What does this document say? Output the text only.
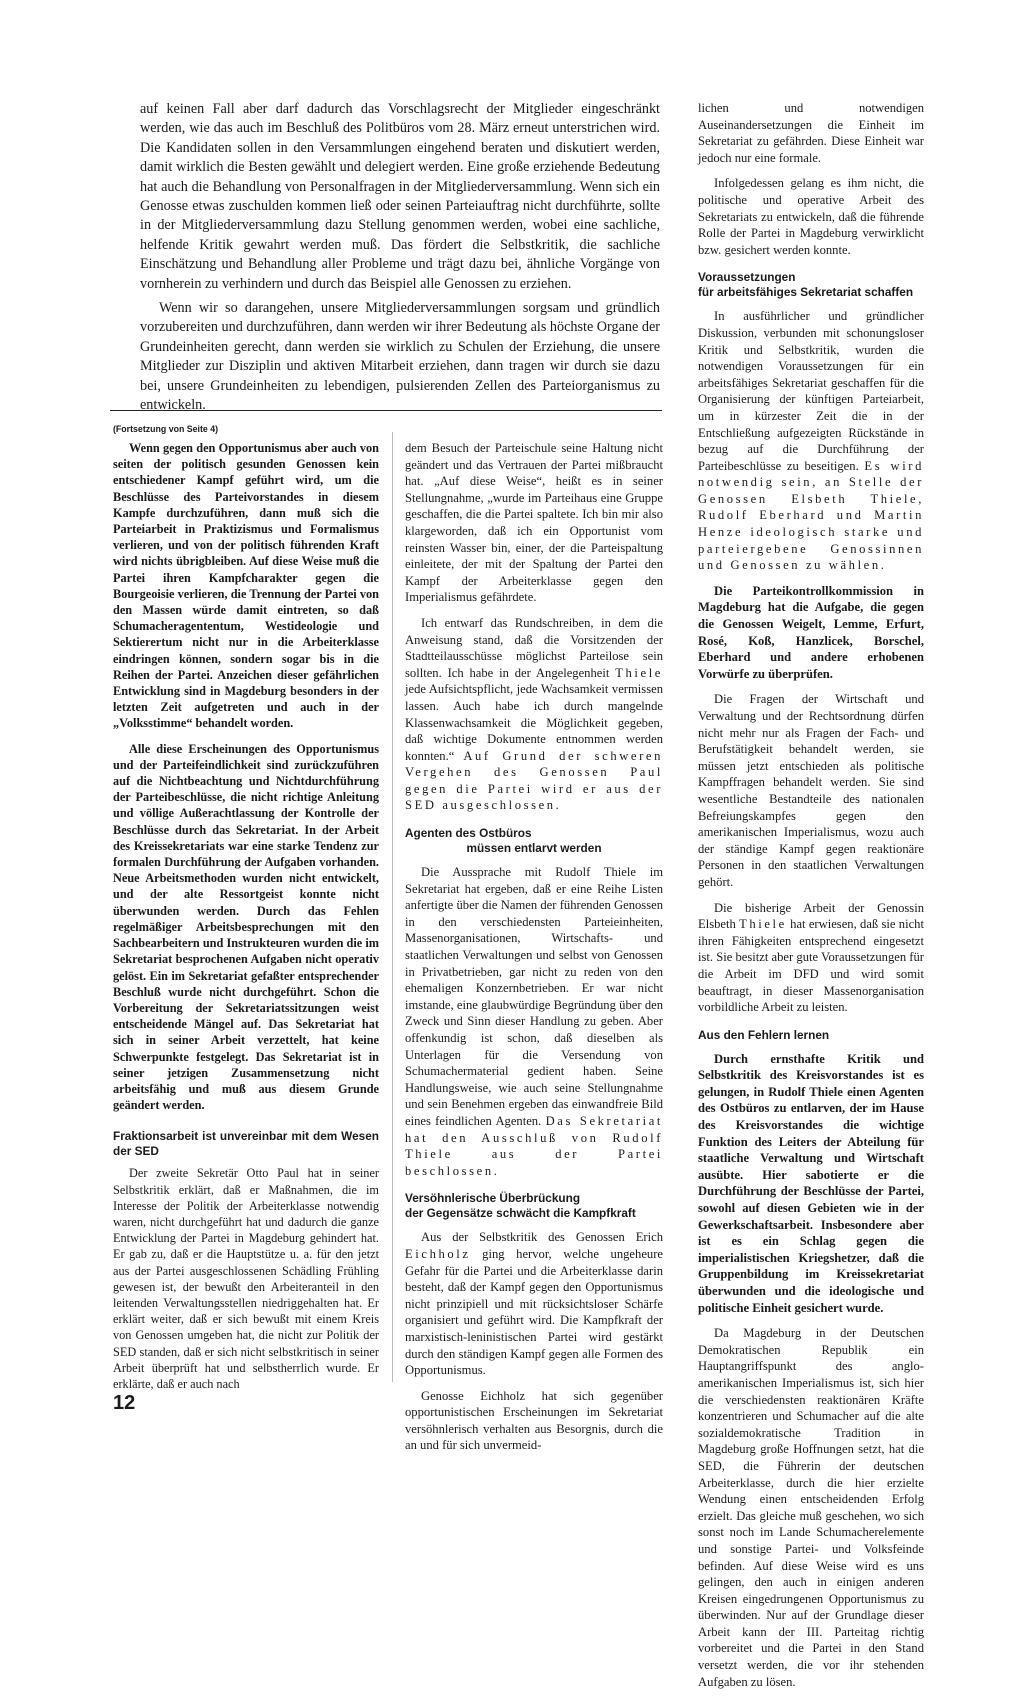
auf keinen Fall aber darf dadurch das Vorschlagsrecht der Mitglieder eingeschränkt werden, wie das auch im Beschluß des Politbüros vom 28. März erneut unterstrichen wird. Die Kandidaten sollen in den Versammlungen eingehend beraten und diskutiert werden, damit wirklich die Besten gewählt und delegiert werden. Eine große erziehende Bedeutung hat auch die Behandlung von Personalfragen in der Mitgliederversammlung. Wenn sich ein Genosse etwas zuschulden kommen ließ oder seinen Parteiauftrag nicht durchführte, sollte in der Mitgliederversammlung dazu Stellung genommen werden, wobei eine sachliche, helfende Kritik gewahrt werden muß. Das fördert die Selbstkritik, die sachliche Einschätzung und Behandlung aller Probleme und trägt dazu bei, ähnliche Vorgänge von vornherein zu verhindern und durch das Beispiel alle Genossen zu erziehen.

Wenn wir so darangehen, unsere Mitgliederversammlungen sorgsam und gründlich vorzubereiten und durchzuführen, dann werden wir ihrer Bedeutung als höchste Organe der Grundeinheiten gerecht, dann werden sie wirklich zu Schulen der Erziehung, die unsere Mitglieder zur Disziplin und aktiven Mitarbeit erziehen, dann tragen wir durch sie dazu bei, unsere Grundeinheiten zu lebendigen, pulsierenden Zellen des Parteiorganismus zu entwickeln.

lichen und notwendigen Auseinandersetzungen die Einheit im Sekretariat zu gefährden. Diese Einheit war jedoch nur eine formale.

Infolgedessen gelang es ihm nicht, die politische und operative Arbeit des Sekretariats zu entwickeln, daß die führende Rolle der Partei in Magdeburg verwirklicht bzw. gesichert werden konnte.

Voraussetzungen
für arbeitsfähiges Sekretariat schaffen

In ausführlicher und gründlicher Diskussion, verbunden mit schonungsloser Kritik und Selbstkritik, wurden die notwendigen Voraussetzungen für ein arbeitsfähiges Sekretariat geschaffen für die Organisierung der künftigen Parteiarbeit, um in kürzester Zeit die in der Entschließung aufgezeigten Rückstände in bezug auf die Durchführung der Parteibeschlüsse zu beseitigen. Es wird notwendig sein, an Stelle der Genossen Elsbeth Thiele, Rudolf Eberhard und Martin Henze ideologisch starke und parteiergebene Genossinnen und Genossen zu wählen.

Die Parteikontrollkommission in Magdeburg hat die Aufgabe, die gegen die Genossen Weigelt, Lemme, Erfurt, Rosé, Koß, Hanzlicek, Borschel, Eberhard und andere erhobenen Vorwürfe zu überprüfen.

Die Fragen der Wirtschaft und Verwaltung und der Rechtsordnung dürfen nicht mehr nur als Fragen der Fach- und Berufstätigkeit behandelt werden, sie müssen jetzt entschieden als politische Kampffragen behandelt werden. Sie sind wesentliche Bestandteile des nationalen Befreiungskampfes gegen den amerikanischen Imperialismus, wozu auch der ständige Kampf gegen reaktionäre Personen in den staatlichen Verwaltungen gehört.

Die bisherige Arbeit der Genossin Elsbeth Thiele hat erwiesen, daß sie nicht ihren Fähigkeiten entsprechend eingesetzt ist. Sie besitzt aber gute Voraussetzungen für die Arbeit im DFD und wird somit beauftragt, in dieser Massenorganisation vorbildliche Arbeit zu leisten.

Aus den Fehlern lernen

Durch ernsthafte Kritik und Selbstkritik des Kreisvorstandes ist es gelungen, in Rudolf Thiele einen Agenten des Ostbüros zu entlarven, der im Hause des Kreisvorstandes die wichtige Funktion des Leiters der Abteilung für staatliche Verwaltung und Wirtschaft ausübte. Hier sabotierte er die Durchführung der Beschlüsse der Partei, sowohl auf diesen Gebieten wie in der Gewerkschaftsarbeit. Insbesondere aber ist es ein Schlag gegen die imperialistischen Kriegshetzer, daß die Gruppenbildung im Kreissekretariat überwunden und die ideologische und politische Einheit gesichert wurde.

Da Magdeburg in der Deutschen Demokratischen Republik ein Hauptangriffspunkt des anglo-amerikanischen Imperialismus ist, sich hier die verschiedensten reaktionären Kräfte konzentrieren und Schumacher auf die alte sozialdemokratische Tradition in Magdeburg große Hoffnungen setzt, hat die SED, die Führerin der deutschen Arbeiterklasse, durch die hier erzielte Wendung einen entscheidenden Erfolg erzielt. Das gleiche muß geschehen, wo sich sonst noch im Lande Schumacherelemente und sonstige Partei- und Volksfeinde befinden. Auf diese Weise wird es uns gelingen, den auch in einigen anderen Kreisen eingedrungenen Opportunismus zu überwinden. Nur auf der Grundlage dieser Arbeit kann der III. Parteitag richtig vorbereitet und die Partei in den Stand versetzt werden, die vor ihr stehenden Aufgaben zu lösen.

(Fortsetzung von Seite 4)

Wenn gegen den Opportunismus aber auch von seiten der politisch gesunden Genossen kein entschiedener Kampf geführt wird, um die Beschlüsse des Parteivorstandes in diesem Kampfe durchzuführen, dann muß sich die Parteiarbeit in Praktizismus und Formalismus verlieren, und von der politisch führenden Kraft wird nichts übrigbleiben. Auf diese Weise muß die Partei ihren Kampfcharakter gegen die Bourgeoisie verlieren, die Trennung der Partei von den Massen würde damit eintreten, so daß Schumacheragententum, Westideologie und Sektierertum nicht nur in die Arbeiterklasse eindringen können, sondern sogar bis in die Reihen der Partei. Anzeichen dieser gefährlichen Entwicklung sind in Magdeburg besonders in der letzten Zeit aufgetreten und auch in der „Volksstimme“ behandelt worden.

Alle diese Erscheinungen des Opportunismus und der Parteifeindlichkeit sind zurückzuführen auf die Nichtbeachtung und Nichtdurchführung der Parteibeschlüsse, die nicht richtige Anleitung und völlige Außerachtlassung der Kontrolle der Beschlüsse durch das Sekretariat. In der Arbeit des Kreissekretariats war eine starke Tendenz zur formalen Durchführung der Aufgaben vorhanden. Neue Arbeitsmethoden wurden nicht entwickelt, und der alte Ressortgeist konnte nicht überwunden werden. Durch das Fehlen regelmäßiger Arbeitsbesprechungen mit den Sachbearbeitern und Instrukteuren wurden die im Sekretariat besprochenen Aufgaben nicht operativ gelöst. Ein im Sekretariat gefaßter entsprechender Beschluß wurde nicht durchgeführt. Schon die Vorbereitung der Sekretariatssitzungen weist entscheidende Mängel auf. Das Sekretariat hat sich in seiner Arbeit verzettelt, hat keine Schwerpunkte festgelegt. Das Sekretariat ist in seiner jetzigen Zusammensetzung nicht arbeitsfähig und muß aus diesem Grunde geändert werden.

Fraktionsarbeit ist unvereinbar mit dem Wesen der SED

Der zweite Sekretär Otto Paul hat in seiner Selbstkritik erklärt, daß er Maßnahmen, die im Interesse der Politik der Arbeiterklasse notwendig waren, nicht durchgeführt hat und dadurch die ganze Entwicklung der Partei in Magdeburg gehindert hat. Er gab zu, daß er die Hauptstütze u. a. für den jetzt aus der Partei ausgeschlossenen Schädling Frühling gewesen ist, der bewußt den Arbeiteranteil in den leitenden Verwaltungsstellen niedriggehalten hat. Er erklärt weiter, daß er sich bewußt mit einem Kreis von Genossen umgeben hat, die nicht zur Politik der SED standen, daß er sich nicht selbstkritisch in seiner Arbeit überprüft hat und selbstherrlich wurde. Er erklärte, daß er auch nach

dem Besuch der Parteischule seine Haltung nicht geändert und das Vertrauen der Partei mißbraucht hat. „Auf diese Weise“, heißt es in seiner Stellungnahme, „wurde im Parteihaus eine Gruppe geschaffen, die die Partei spaltete. Ich bin mir also klargeworden, daß ich ein Opportunist vom reinsten Wasser bin, einer, der die Parteispaltung einleitete, der mit der Spaltung der Partei den Kampf der Arbeiterklasse gegen den Imperialismus gefährdete.

Ich entwarf das Rundschreiben, in dem die Anweisung stand, daß die Vorsitzenden der Stadtteilausschüsse möglichst Parteilose sein sollten. Ich habe in der Angelegenheit Thiele jede Aufsichtspflicht, jede Wachsamkeit vermissen lassen. Auch habe ich durch mangelnde Klassenwachsamkeit die Möglichkeit gegeben, daß wichtige Dokumente entnommen werden konnten.“ Auf Grund der schweren Vergehen des Genossen Paul gegen die Partei wird er aus der SED ausgeschlossen.

Agenten des Ostbüros
müssen entlarvt werden

Die Aussprache mit Rudolf Thiele im Sekretariat hat ergeben, daß er eine Reihe Listen anfertigte über die Namen der führenden Genossen in den verschiedensten Parteieinheiten, Massenorganisationen, Wirtschafts- und staatlichen Verwaltungen und selbst von Genossen in Privatbetrieben, gar nicht zu reden von den ehemaligen Konzernbetrieben. Er war nicht imstande, eine glaubwürdige Begründung über den Zweck und Sinn dieser Handlung zu geben. Aber offenkundig ist schon, daß dieselben als Unterlagen für die Versendung von Schumachermaterial gedient haben. Seine Handlungsweise, wie auch seine Stellungnahme und sein Benehmen ergeben das einwandfreie Bild eines feindlichen Agenten. Das Sekretariat hat den Ausschluß von Rudolf Thiele aus der Partei beschlossen.

Versöhnlerische Überbrückung
der Gegensätze schwächt die Kampfkraft

Aus der Selbstkritik des Genossen Erich Eichholz ging hervor, welche ungeheure Gefahr für die Partei und die Arbeiterklasse darin besteht, daß der Kampf gegen den Opportunismus nicht prinzipiell und mit rücksichtsloser Schärfe organisiert und geführt wird. Die Kampfkraft der marxistisch-leninistischen Partei wird gestärkt durch den ständigen Kampf gegen alle Formen des Opportunismus.

Genosse Eichholz hat sich gegenüber opportunistischen Erscheinungen im Sekretariat versöhnlerisch verhalten aus Besorgnis, durch die an und für sich unvermeid-

12
